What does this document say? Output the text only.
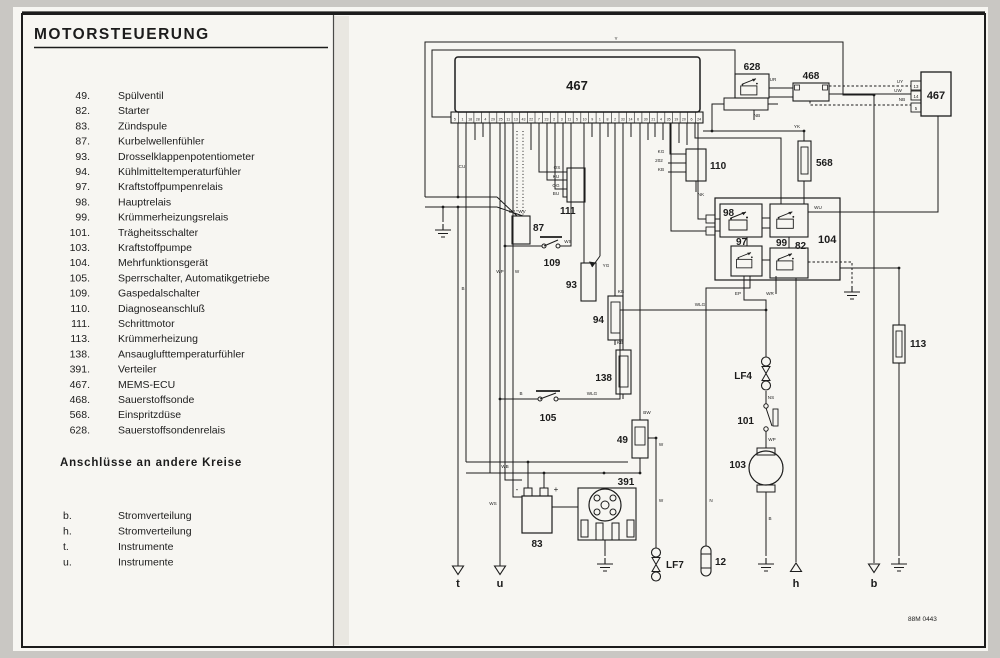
MOTORSTEUERUNG
49.	Spülventil
82.	Starter
83.	Zündspule
87.	Kurbelwellenfühler
93.	Drosselklappenpotentiometer
94.	Kühlmitteltemperaturfühler
97.	Kraftstoffpumpenrelais
98.	Hauptrelais
99.	Krümmerheizungsrelais
101.	Trägheitsschalter
103.	Kraftstoffpumpe
104.	Mehrfunktionsgerät
105.	Sperrschalter, Automatikgetriebe
109.	Gaspedalschalter
110.	Diagnoseanschluß
111.	Schrittmotor
113.	Krümmerheizung
138.	Ansauglufttemperaturfühler
391.	Verteiler
467.	MEMS-ECU
468.	Sauerstoffsonde
568.	Einspritzdüse
628.	Sauerstoffsondenrelais
Anschlüsse an andere Kreise
b.	Stromverteilung
h.	Stromverteilung
t.	Instrumente
u.	Instrumente
88M 0443
467
5 1 18 28 4 29 25 11 13 43 22 7 23 2 3 11 5 10 9 1 8 2 33 14 6 30 21 4 35 19 20 6 24
628
468
467
568
110
111
87
109
93
94
138
105
49
98
99 82
97	104
83
391
LF4
101
103
113
LF7	12
t	u	h	b
Y
UR
NB
UY
UW
NB
13
14
5
CU
KG
202
KB
NK
YK
WU
UP WV
OS
KU
OG
BU
WS
YG
KB
KB
WP W
B
B	WLG
WLG
BW
W
WB
-	+
WS
W	N
NS
WP
B
EP	WR
